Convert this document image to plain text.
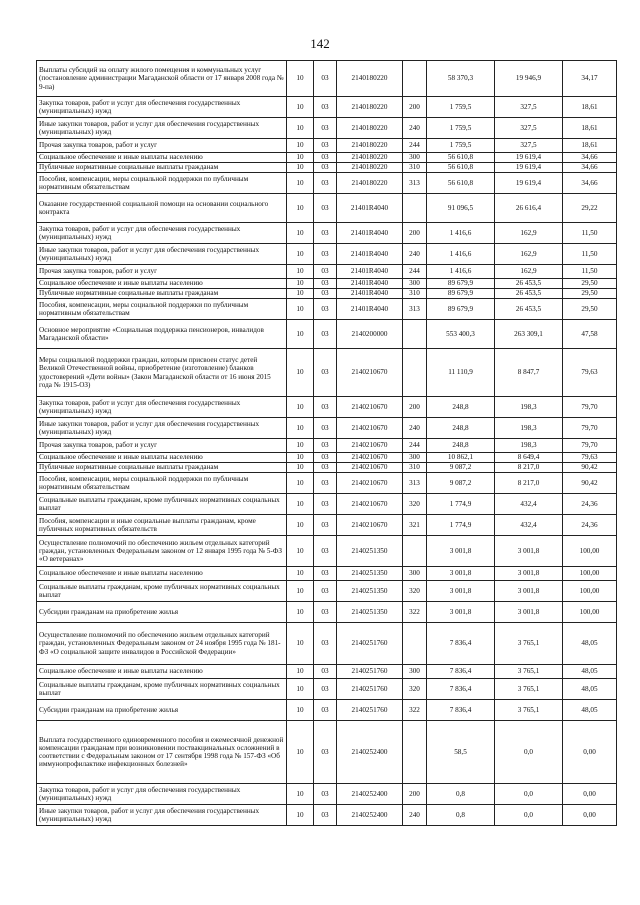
142
Выплаты субсидий на оплату жилого помещения и коммунальных услуг (постановление администрации Магаданской области от 17 января 2008 года № 9-па)	10	03	2140180220		58 370,3	19 946,9	34,17
Закупка товаров, работ и услуг для обеспечения государственных (муниципальных) нужд	10	03	2140180220	200	1 759,5	327,5	18,61
Иные закупки товаров, работ и услуг для обеспечения государственных (муниципальных) нужд	10	03	2140180220	240	1 759,5	327,5	18,61
Прочая закупка товаров, работ и услуг	10	03	2140180220	244	1 759,5	327,5	18,61
Социальное обеспечение и иные выплаты населению	10	03	2140180220	300	56 610,8	19 619,4	34,66
Публичные нормативные социальные выплаты гражданам	10	03	2140180220	310	56 610,8	19 619,4	34,66
Пособия, компенсации, меры социальной поддержки по публичным нормативным обязательствам	10	03	2140180220	313	56 610,8	19 619,4	34,66
Оказание государственной социальной помощи на основании социального контракта	10	03	21401R4040		91 096,5	26 616,4	29,22
Закупка товаров, работ и услуг для обеспечения государственных (муниципальных) нужд	10	03	21401R4040	200	1 416,6	162,9	11,50
Иные закупки товаров, работ и услуг для обеспечения государственных (муниципальных) нужд	10	03	21401R4040	240	1 416,6	162,9	11,50
Прочая закупка товаров, работ и услуг	10	03	21401R4040	244	1 416,6	162,9	11,50
Социальное обеспечение и иные выплаты населению	10	03	21401R4040	300	89 679,9	26 453,5	29,50
Публичные нормативные социальные выплаты гражданам	10	03	21401R4040	310	89 679,9	26 453,5	29,50
Пособия, компенсации, меры социальной поддержки по публичным нормативным обязательствам	10	03	21401R4040	313	89 679,9	26 453,5	29,50
Основное мероприятие «Социальная поддержка пенсионеров, инвалидов Магаданской области»	10	03	2140200000		553 400,3	263 309,1	47,58
Меры социальной поддержки граждан, которым присвоен статус детей Великой Отечественной войны, приобретение (изготовление) бланков удостоверений «Дети войны» (Закон Магаданской области от 16 июня 2015 года № 1915-ОЗ)	10	03	2140210670		11 110,9	8 847,7	79,63
Закупка товаров, работ и услуг для обеспечения государственных (муниципальных) нужд	10	03	2140210670	200	248,8	198,3	79,70
Иные закупки товаров, работ и услуг для обеспечения государственных (муниципальных) нужд	10	03	2140210670	240	248,8	198,3	79,70
Прочая закупка товаров, работ и услуг	10	03	2140210670	244	248,8	198,3	79,70
Социальное обеспечение и иные выплаты населению	10	03	2140210670	300	10 862,1	8 649,4	79,63
Публичные нормативные социальные выплаты гражданам	10	03	2140210670	310	9 087,2	8 217,0	90,42
Пособия, компенсации, меры социальной поддержки по публичным нормативным обязательствам	10	03	2140210670	313	9 087,2	8 217,0	90,42
Социальные выплаты гражданам, кроме публичных нормативных социальных выплат	10	03	2140210670	320	1 774,9	432,4	24,36
Пособия, компенсации и иные социальные выплаты гражданам, кроме публичных нормативных обязательств	10	03	2140210670	321	1 774,9	432,4	24,36
Осуществление полномочий по обеспечению жильем отдельных категорий граждан, установленных Федеральным законом от 12 января 1995 года № 5-ФЗ «О ветеранах»	10	03	2140251350		3 001,8	3 001,8	100,00
Социальное обеспечение и иные выплаты населению	10	03	2140251350	300	3 001,8	3 001,8	100,00
Социальные выплаты гражданам, кроме публичных нормативных социальных выплат	10	03	2140251350	320	3 001,8	3 001,8	100,00
Субсидии гражданам на приобретение жилья	10	03	2140251350	322	3 001,8	3 001,8	100,00
Осуществление полномочий по обеспечению жильем отдельных категорий граждан, установленных Федеральным законом от 24 ноября 1995 года № 181-ФЗ «О социальной защите инвалидов в Российской Федерации»	10	03	2140251760		7 836,4	3 765,1	48,05
Социальное обеспечение и иные выплаты населению	10	03	2140251760	300	7 836,4	3 765,1	48,05
Социальные выплаты гражданам, кроме публичных нормативных социальных выплат	10	03	2140251760	320	7 836,4	3 765,1	48,05
Субсидии гражданам на приобретение жилья	10	03	2140251760	322	7 836,4	3 765,1	48,05
Выплата государственного единовременного пособия и ежемесячной денежной компенсации гражданам при возникновении поствакцинальных осложнений в соответствии с Федеральным законом от 17 сентября 1998 года № 157-ФЗ «Об иммунопрофилактике инфекционных болезней»	10	03	2140252400		58,5	0,0	0,00
Закупка товаров, работ и услуг для обеспечения государственных (муниципальных) нужд	10	03	2140252400	200	0,8	0,0	0,00
Иные закупки товаров, работ и услуг для обеспечения государственных (муниципальных) нужд	10	03	2140252400	240	0,8	0,0	0,00
